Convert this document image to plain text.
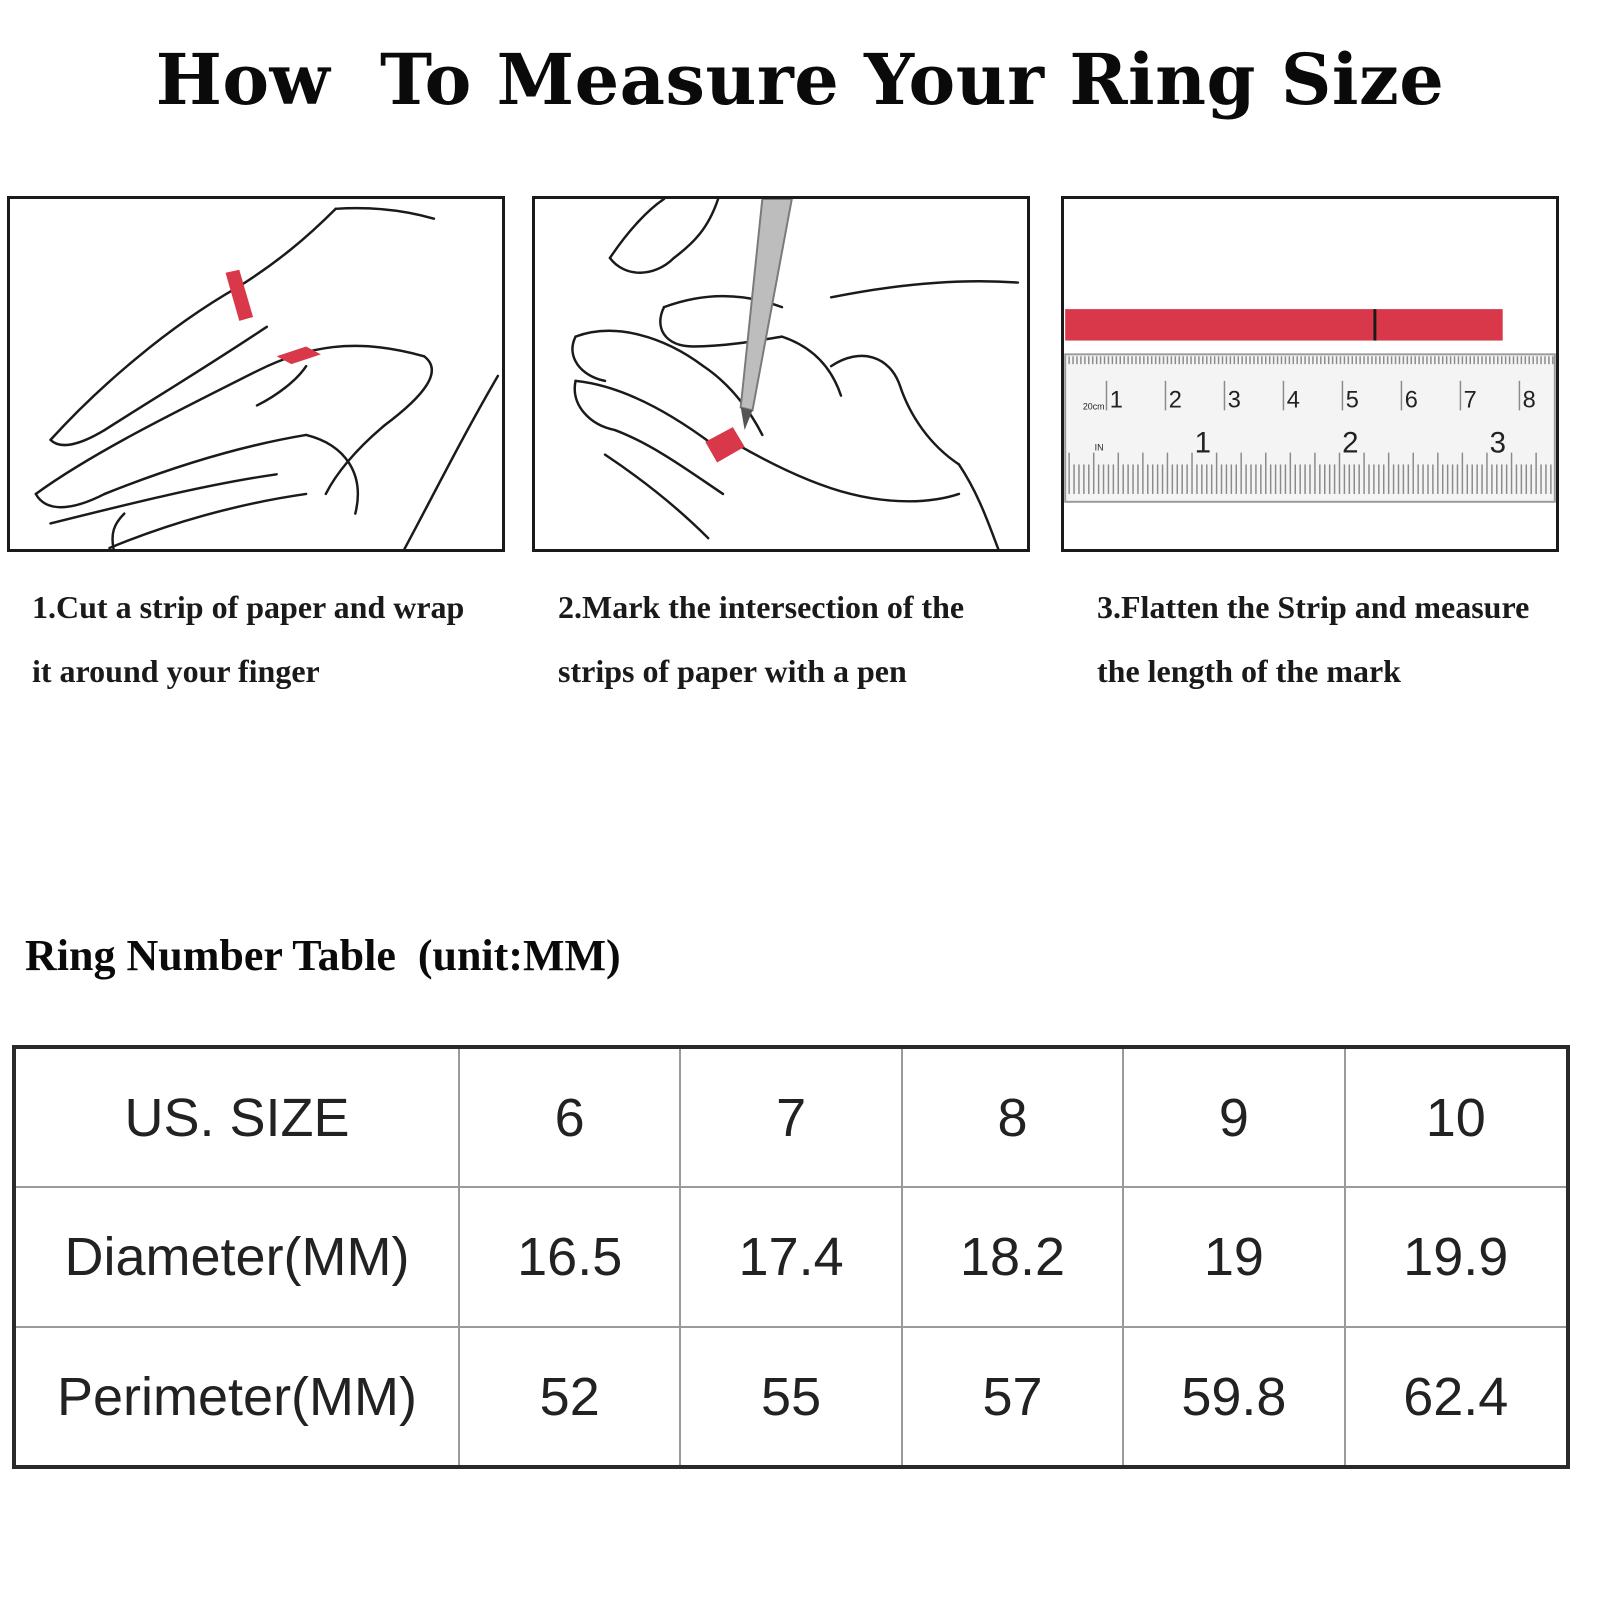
How  To Measure Your Ring Size
1 2 3 4 5 6 7 8
1	2	3
20cm
IN
1.Cut a strip of paper and wrap
it around your finger
2.Mark the intersection of the
strips of paper with a pen
3.Flatten the Strip and measure
the length of the mark
Ring Number Table  (unit:MM)
US. SIZE	6	7	8	9	10
Diameter(MM)	16.5	17.4	18.2	19	19.9
Perimeter(MM)	52	55	57	59.8	62.4
